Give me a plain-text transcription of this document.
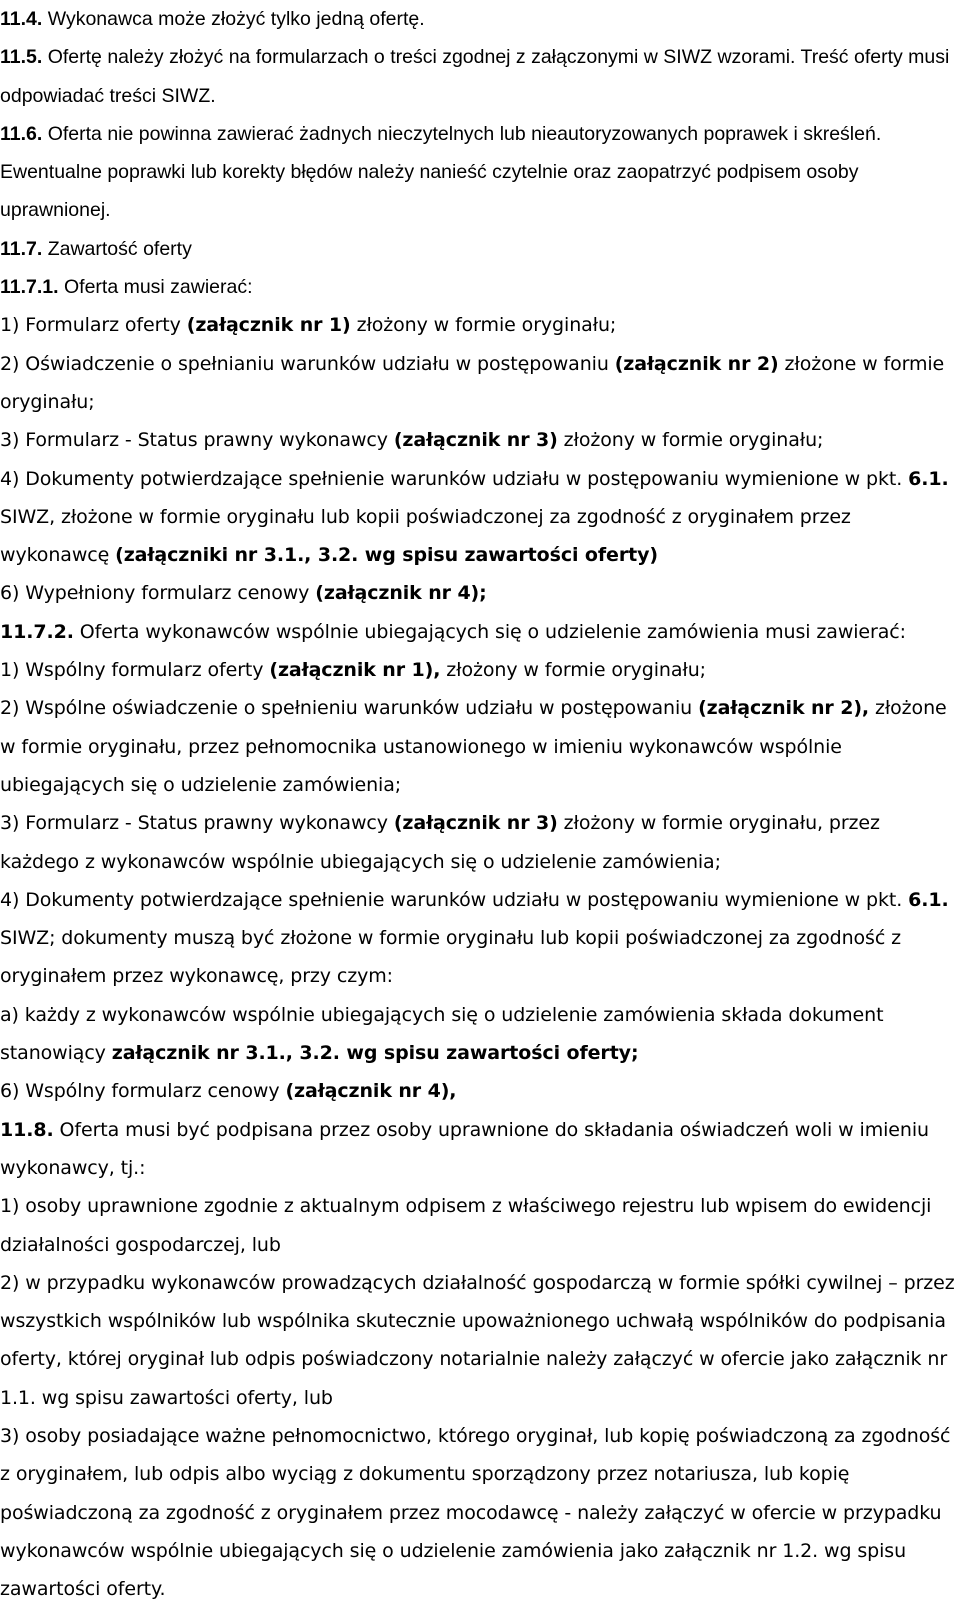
11.4. Wykonawca może złożyć tylko jedną ofertę.

11.5. Ofertę należy złożyć na formularzach o treści zgodnej z załączonymi w SIWZ wzorami. Treść oferty musi odpowiadać treści SIWZ.

11.6. Oferta nie powinna zawierać żadnych nieczytelnych lub nieautoryzowanych poprawek i skreśleń. Ewentualne poprawki lub korekty błędów należy nanieść czytelnie oraz zaopatrzyć podpisem osoby uprawnionej.

11.7. Zawartość oferty

11.7.1. Oferta musi zawierać:

1) Formularz oferty (załącznik nr 1) złożony w formie oryginału;

2) Oświadczenie o spełnianiu warunków udziału w postępowaniu (załącznik nr 2) złożone w formie oryginału;

3) Formularz - Status prawny wykonawcy (załącznik nr 3) złożony w formie oryginału;

4) Dokumenty potwierdzające spełnienie warunków udziału w postępowaniu wymienione w pkt. 6.1. SIWZ, złożone w formie oryginału lub kopii poświadczonej za zgodność z oryginałem przez wykonawcę (załączniki nr 3.1., 3.2. wg spisu zawartości oferty)

6) Wypełniony formularz cenowy (załącznik nr 4);

11.7.2. Oferta wykonawców wspólnie ubiegających się o udzielenie zamówienia musi zawierać:

1) Wspólny formularz oferty (załącznik nr 1), złożony w formie oryginału;

2) Wspólne oświadczenie o spełnieniu warunków udziału w postępowaniu (załącznik nr 2), złożone w formie oryginału, przez pełnomocnika ustanowionego w imieniu wykonawców wspólnie ubiegających się o udzielenie zamówienia;

3) Formularz - Status prawny wykonawcy (załącznik nr 3) złożony w formie oryginału, przez każdego z wykonawców wspólnie ubiegających się o udzielenie zamówienia;

4) Dokumenty potwierdzające spełnienie warunków udziału w postępowaniu wymienione w pkt. 6.1. SIWZ; dokumenty muszą być złożone w formie oryginału lub kopii poświadczonej za zgodność z oryginałem przez wykonawcę, przy czym:

a) każdy z wykonawców wspólnie ubiegających się o udzielenie zamówienia składa dokument stanowiący załącznik nr 3.1., 3.2. wg spisu zawartości oferty;

6) Wspólny formularz cenowy (załącznik nr 4),

11.8. Oferta musi być podpisana przez osoby uprawnione do składania oświadczeń woli w imieniu wykonawcy, tj.:

1) osoby uprawnione zgodnie z aktualnym odpisem z właściwego rejestru lub wpisem do ewidencji działalności gospodarczej, lub

2) w przypadku wykonawców prowadzących działalność gospodarczą w formie spółki cywilnej – przez wszystkich wspólników lub wspólnika skutecznie upoważnionego uchwałą wspólników do podpisania oferty, której oryginał lub odpis poświadczony notarialnie należy załączyć w ofercie jako załącznik nr 1.1. wg spisu zawartości oferty, lub

3) osoby posiadające ważne pełnomocnictwo, którego oryginał, lub kopię poświadczoną za zgodność z oryginałem, lub odpis albo wyciąg z dokumentu sporządzony przez notariusza, lub kopię poświadczoną za zgodność z oryginałem przez mocodawcę - należy załączyć w ofercie w przypadku wykonawców wspólnie ubiegających się o udzielenie zamówienia jako załącznik nr 1.2. wg spisu zawartości oferty.
